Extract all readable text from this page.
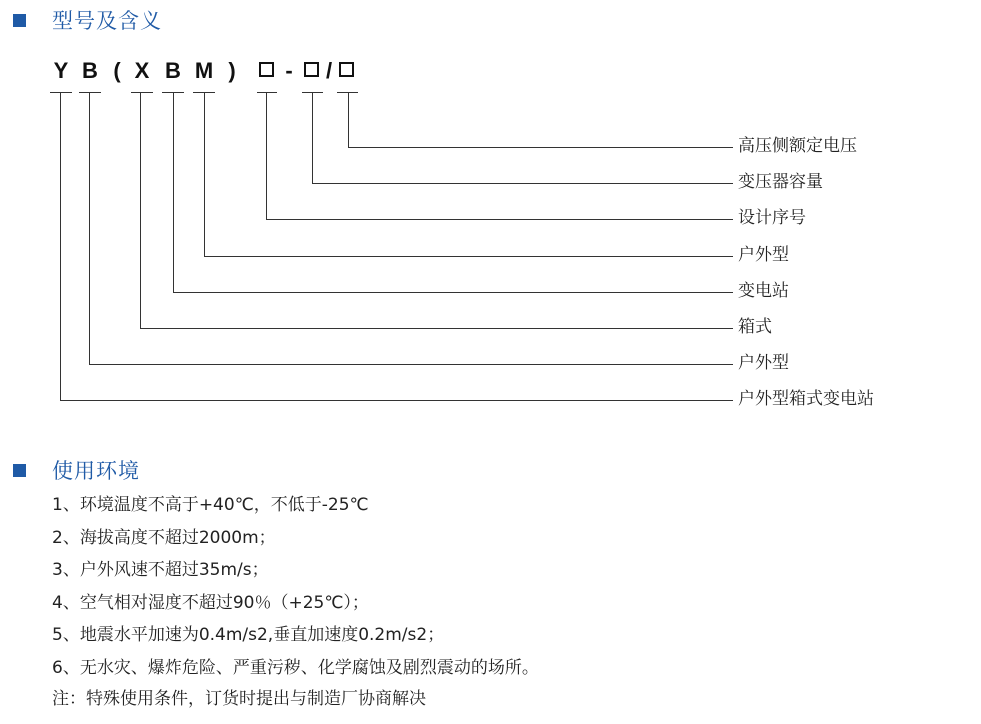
型号及含义
Y B ( X B M )	-	/
高压侧额定电压
变压器容量
设计序号
户外型
变电站
箱式
户外型
户外型箱式变电站
使用环境
1、环境温度不高于+40℃，不低于-25℃
2、海拔高度不超过2000m；
3、户外风速不超过35m/s；
4、空气相对湿度不超过90％（+25℃）；
5、地震水平加速为0.4m/s2,垂直加速度0.2m/s2；
6、无水灾、爆炸危险、严重污秽、化学腐蚀及剧烈震动的场所。
注：特殊使用条件，订货时提出与制造厂协商解决
